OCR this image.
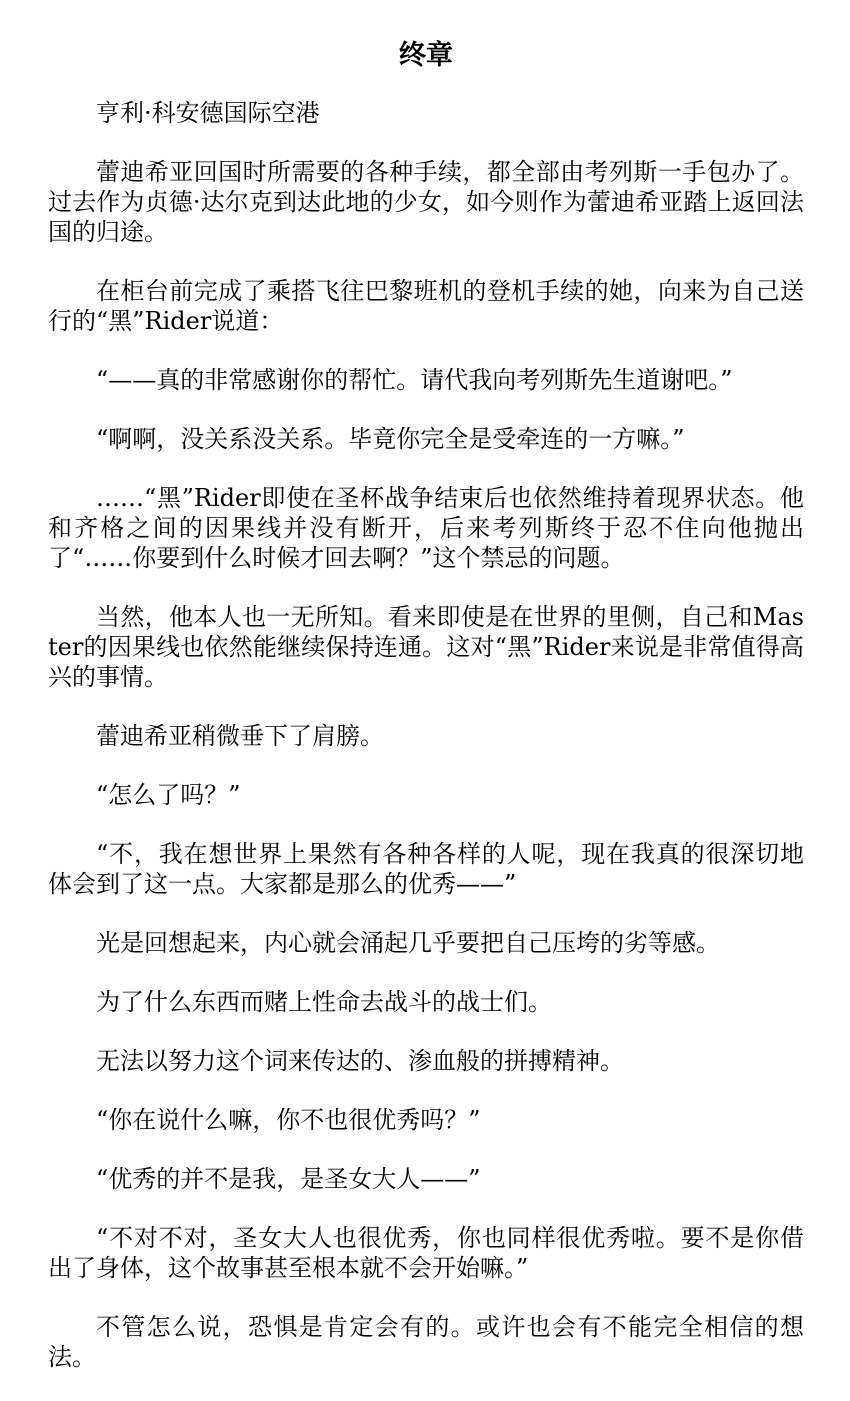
终章

亨利·科安德国际空港

蕾迪希亚回国时所需要的各种手续，都全部由考列斯一手包办了。过去作为贞德·达尔克到达此地的少女，如今则作为蕾迪希亚踏上返回法国的归途。

在柜台前完成了乘搭飞往巴黎班机的登机手续的她，向来为自己送行的“黑”Rider说道：

“——真的非常感谢你的帮忙。请代我向考列斯先生道谢吧。”

“啊啊，没关系没关系。毕竟你完全是受牵连的一方嘛。”

……“黑”Rider即使在圣杯战争结束后也依然维持着现界状态。他和齐格之间的因果线并没有断开，后来考列斯终于忍不住向他抛出了“……你要到什么时候才回去啊？”这个禁忌的问题。

当然，他本人也一无所知。看来即使是在世界的里侧，自己和Master的因果线也依然能继续保持连通。这对“黑”Rider来说是非常值得高兴的事情。

蕾迪希亚稍微垂下了肩膀。

“怎么了吗？”

“不，我在想世界上果然有各种各样的人呢，现在我真的很深切地体会到了这一点。大家都是那么的优秀——”

光是回想起来，内心就会涌起几乎要把自己压垮的劣等感。

为了什么东西而赌上性命去战斗的战士们。

无法以努力这个词来传达的、渗血般的拼搏精神。

“你在说什么嘛，你不也很优秀吗？”

“优秀的并不是我，是圣女大人——”

“不对不对，圣女大人也很优秀，你也同样很优秀啦。要不是你借出了身体，这个故事甚至根本就不会开始嘛。”

不管怎么说，恐惧是肯定会有的。或许也会有不能完全相信的想法。
